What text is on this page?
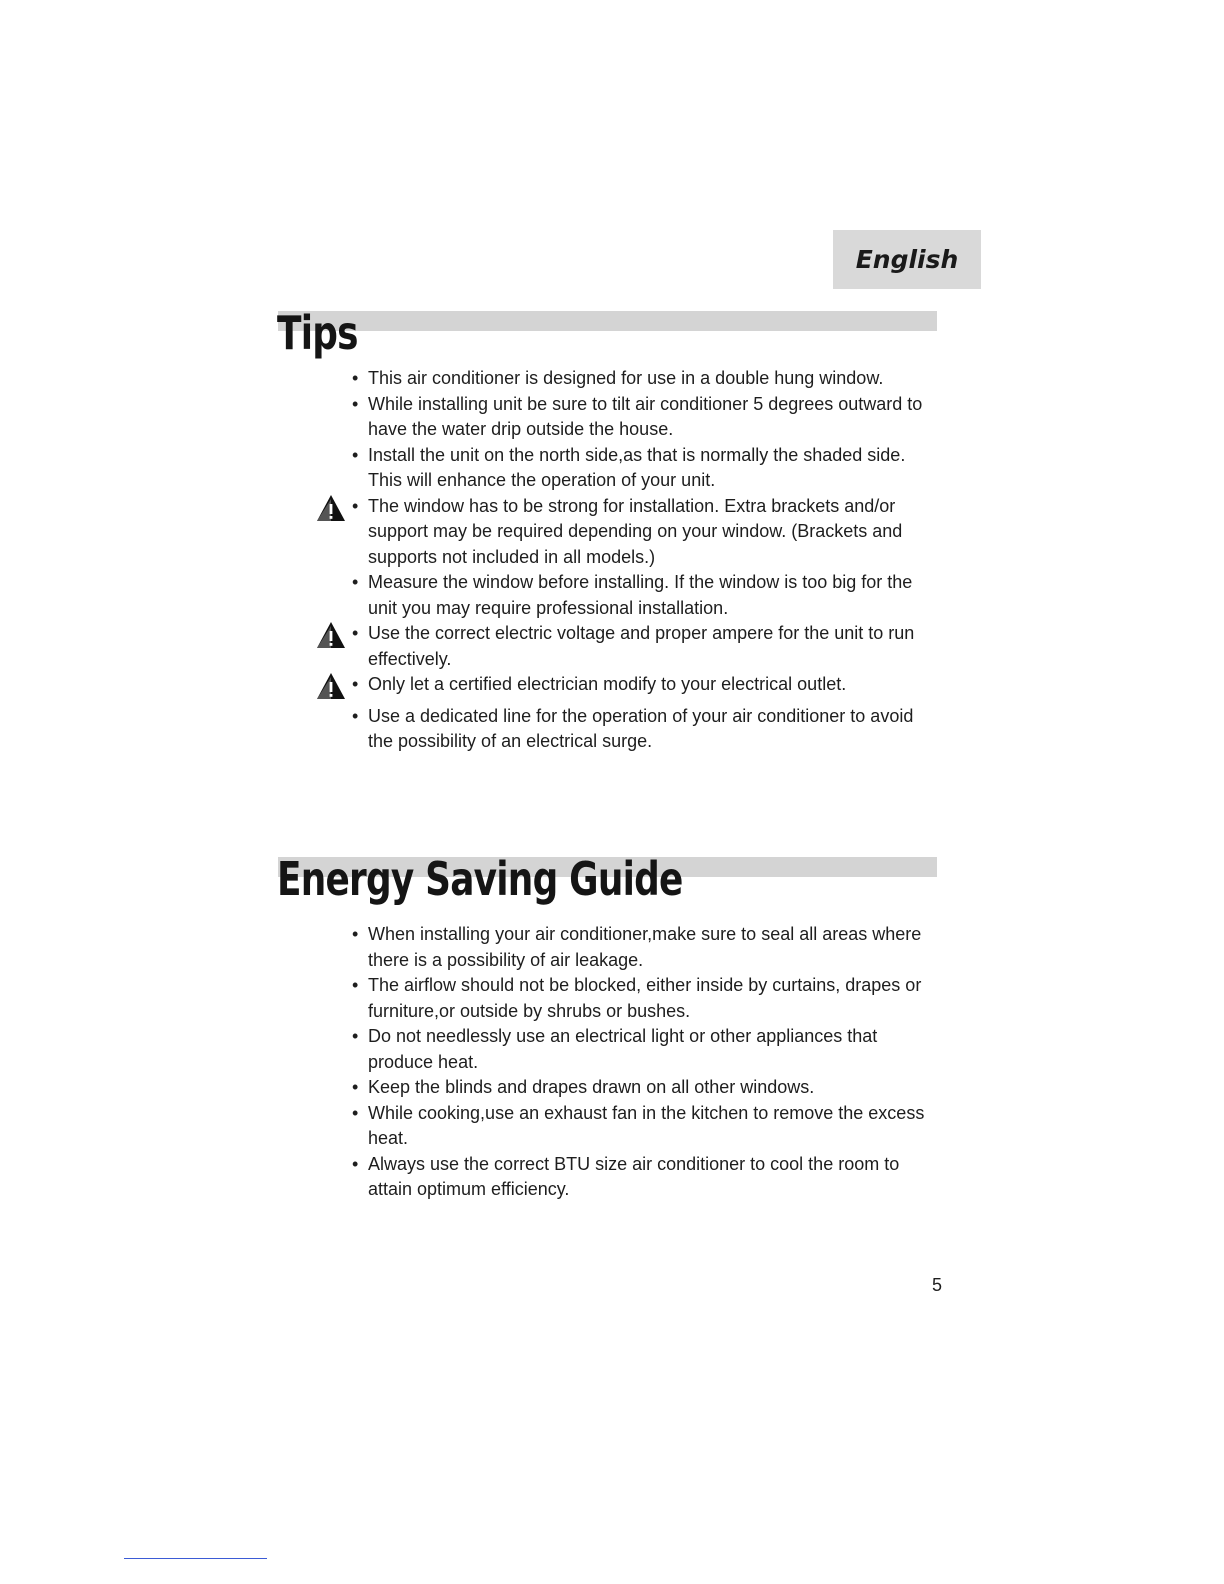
English
Tips
• This air conditioner is designed for use in a double hung window.
• While installing unit be sure to tilt air conditioner 5 degrees outward to have the water drip outside the house.
• Install the unit on the north side,as that is normally the shaded side. This will enhance the operation of your unit.
• The window has to be strong for installation. Extra brackets and/or support may be required depending on your window. (Brackets and supports not included in all models.)
• Measure the window before installing. If the window is too big for the unit you may require professional installation.
• Use the correct electric voltage and proper ampere for the unit to run effectively.
• Only let a certified electrician modify to your electrical outlet.
• Use a dedicated line for the operation of your air conditioner to avoid the possibility of an electrical surge.
Energy Saving Guide
• When installing your air conditioner,make sure to seal all areas where there is a possibility of air leakage.
• The airflow should not be blocked, either inside by curtains, drapes or furniture,or outside by shrubs or bushes.
• Do not needlessly use an electrical light or other appliances that produce heat.
• Keep the blinds and drapes drawn on all other windows.
• While cooking,use an exhaust fan in the kitchen to remove the excess heat.
• Always use the correct BTU size air conditioner to cool the room to attain optimum efficiency.
5
